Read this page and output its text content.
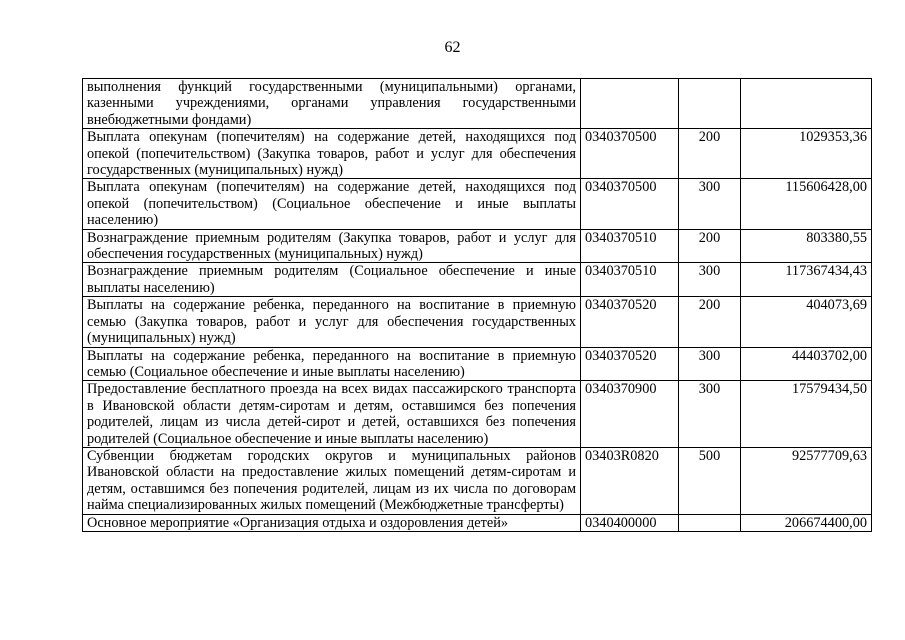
62
выполнения функций государственными (муниципальными) органами, казенными учреждениями, органами управления государственными внебюджетными фондами)			
Выплата опекунам (попечителям) на содержание детей, находящихся под опекой (попечительством) (Закупка товаров, работ и услуг для обеспечения государственных (муниципальных) нужд)	0340370500	200	1029353,36
Выплата опекунам (попечителям) на содержание детей, находящихся под опекой (попечительством) (Социальное обеспечение и иные выплаты населению)	0340370500	300	115606428,00
Вознаграждение приемным родителям (Закупка товаров, работ и услуг для обеспечения государственных (муниципальных) нужд)	0340370510	200	803380,55
Вознаграждение приемным родителям (Социальное обеспечение и иные выплаты населению)	0340370510	300	117367434,43
Выплаты на содержание ребенка, переданного на воспитание в приемную семью (Закупка товаров, работ и услуг для обеспечения государственных (муниципальных) нужд)	0340370520	200	404073,69
Выплаты на содержание ребенка, переданного на воспитание в приемную семью (Социальное обеспечение и иные выплаты населению)	0340370520	300	44403702,00
Предоставление бесплатного проезда на всех видах пассажирского транспорта в Ивановской области детям-сиротам и детям, оставшимся без попечения родителей, лицам из числа детей-сирот и детей, оставшихся без попечения родителей (Социальное обеспечение и иные выплаты населению)	0340370900	300	17579434,50
Субвенции бюджетам городских округов и муниципальных районов Ивановской области на предоставление жилых помещений детям-сиротам и детям, оставшимся без попечения родителей, лицам из их числа по договорам найма специализированных жилых помещений (Межбюджетные трансферты)	03403R0820	500	92577709,63
Основное мероприятие «Организация отдыха и оздоровления детей»	0340400000		206674400,00
